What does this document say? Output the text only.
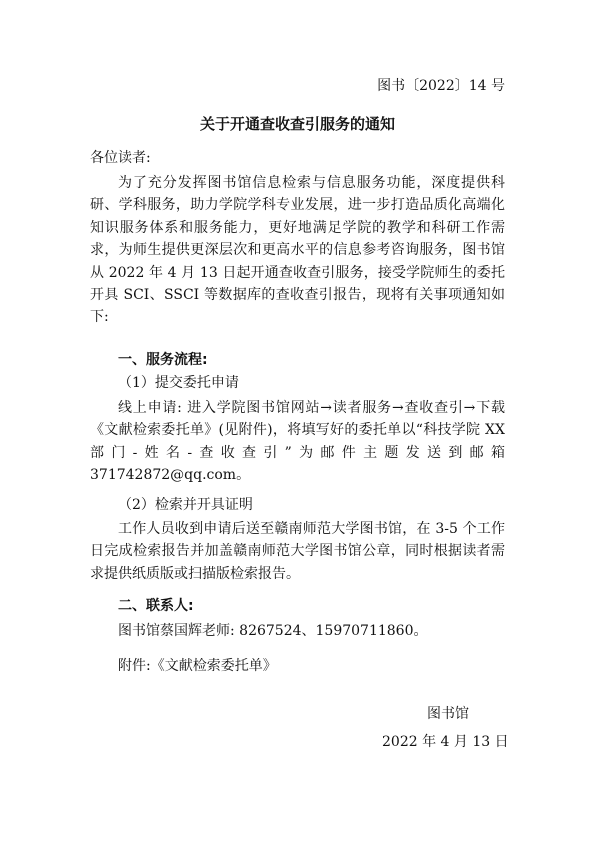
图书〔2022〕14 号
关于开通查收查引服务的通知
各位读者:
为了充分发挥图书馆信息检索与信息服务功能，深度提供科研、学科服务，助力学院学科专业发展，进一步打造品质化高端化知识服务体系和服务能力，更好地满足学院的教学和科研工作需求，为师生提供更深层次和更高水平的信息参考咨询服务，图书馆从 2022 年 4 月 13 日起开通查收查引服务，接受学院师生的委托开具 SCI、SSCI 等数据库的查收查引报告，现将有关事项通知如下:
一、服务流程:
（1）提交委托申请
线上申请: 进入学院图书馆网站→读者服务→查收查引→下载《文献检索委托单》(见附件)，将填写好的委托单以“科技学院 XX 部门-姓名-查收查引”为邮件主题发送到邮箱 371742872@qq.com。
（2）检索并开具证明
工作人员收到申请后送至赣南师范大学图书馆，在 3-5 个工作日完成检索报告并加盖赣南师范大学图书馆公章，同时根据读者需求提供纸质版或扫描版检索报告。
二、联系人:
图书馆蔡国辉老师: 8267524、15970711860。
附件:《文献检索委托单》
图书馆
2022 年 4 月 13 日
